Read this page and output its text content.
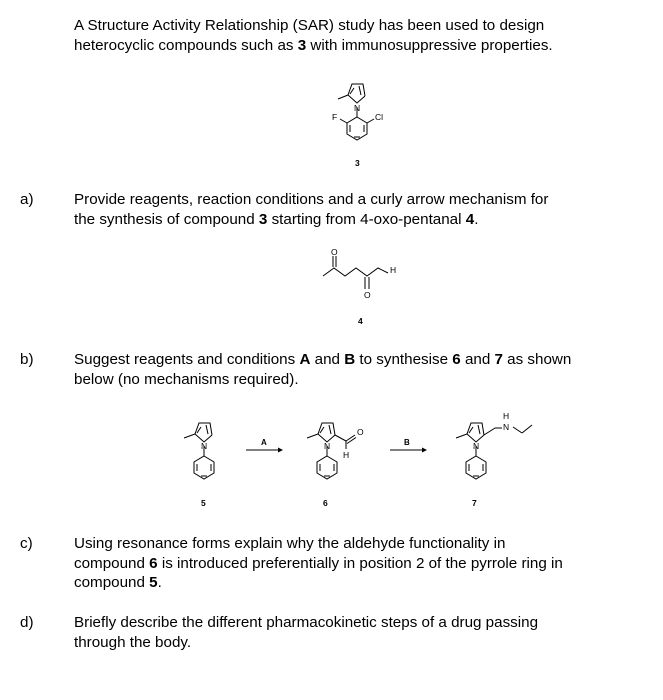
A Structure Activity Relationship (SAR) study has been used to design
heterocyclic compounds such as 3 with immunosuppressive properties.
N
F	Cl
3
a)	Provide reagents, reaction conditions and a curly arrow mechanism for
the synthesis of compound 3 starting from 4-oxo-pentanal 4.
O
O
H
4
b)	Suggest reagents and conditions A and B to synthesise 6 and 7 as shown
below (no mechanisms required).
N
5
A	N
O
H
6
B	N
H
N
7
c)	Using resonance forms explain why the aldehyde functionality in
compound 6 is introduced preferentially in position 2 of the pyrrole ring in
compound 5.
d)	Briefly describe the different pharmacokinetic steps of a drug passing
through the body.
